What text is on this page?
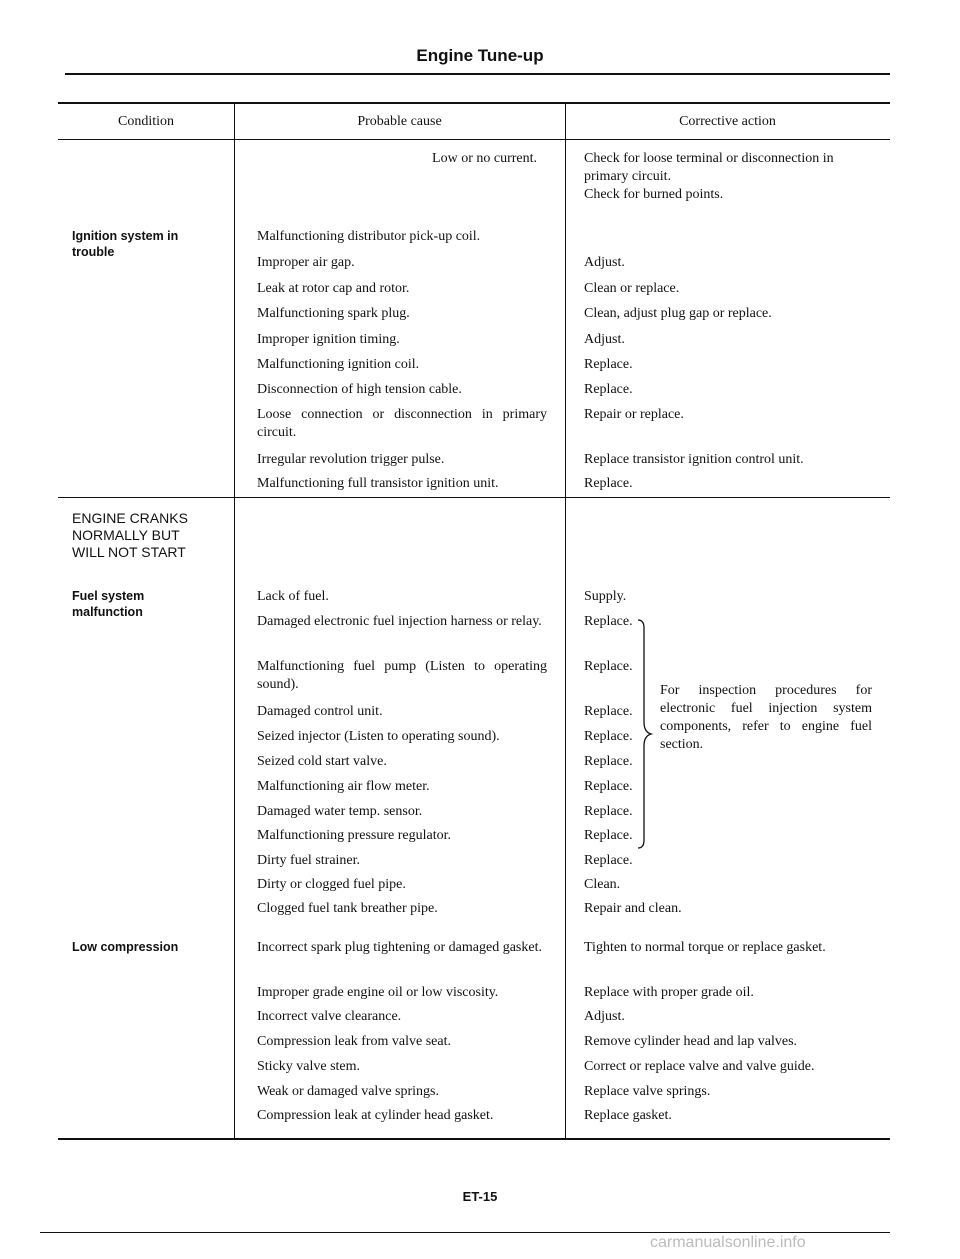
Engine Tune-up
Condition	Probable cause	Corrective action
Ignition system in trouble
ENGINE CRANKS NORMALLY BUT WILL NOT START
Fuel system malfunction
Low compression
Low or no current.
Malfunctioning distributor pick-up coil.
Improper air gap.
Leak at rotor cap and rotor.
Malfunctioning spark plug.
Improper ignition timing.
Malfunctioning ignition coil.
Disconnection of high tension cable.
Loose connection or disconnection in primary circuit.
Irregular revolution trigger pulse.
Malfunctioning full transistor ignition unit.
Lack of fuel.
Damaged electronic fuel injection harness or relay.
Malfunctioning fuel pump (Listen to operating sound).
Damaged control unit.
Seized injector (Listen to operating sound).
Seized cold start valve.
Malfunctioning air flow meter.
Damaged water temp. sensor.
Malfunctioning pressure regulator.
Dirty fuel strainer.
Dirty or clogged fuel pipe.
Clogged fuel tank breather pipe.
Incorrect spark plug tightening or damaged gasket.
Improper grade engine oil or low viscosity.
Incorrect valve clearance.
Compression leak from valve seat.
Sticky valve stem.
Weak or damaged valve springs.
Compression leak at cylinder head gasket.
Check for loose terminal or disconnection in primary circuit.
Check for burned points.
Adjust.
Clean or replace.
Clean, adjust plug gap or replace.
Adjust.
Replace.
Replace.
Repair or replace.
Replace transistor ignition control unit.
Replace.
Supply.
Replace.
Replace.
Replace.
Replace.
Replace.
Replace.
Replace.
Replace.
Replace.
Clean.
Repair and clean.
Tighten to normal torque or replace gasket.
Replace with proper grade oil.
Adjust.
Remove cylinder head and lap valves.
Correct or replace valve and valve guide.
Replace valve springs.
Replace gasket.
For inspection procedures for electronic fuel injection system components, refer to engine fuel section.
ET-15
carmanualsonline.info
